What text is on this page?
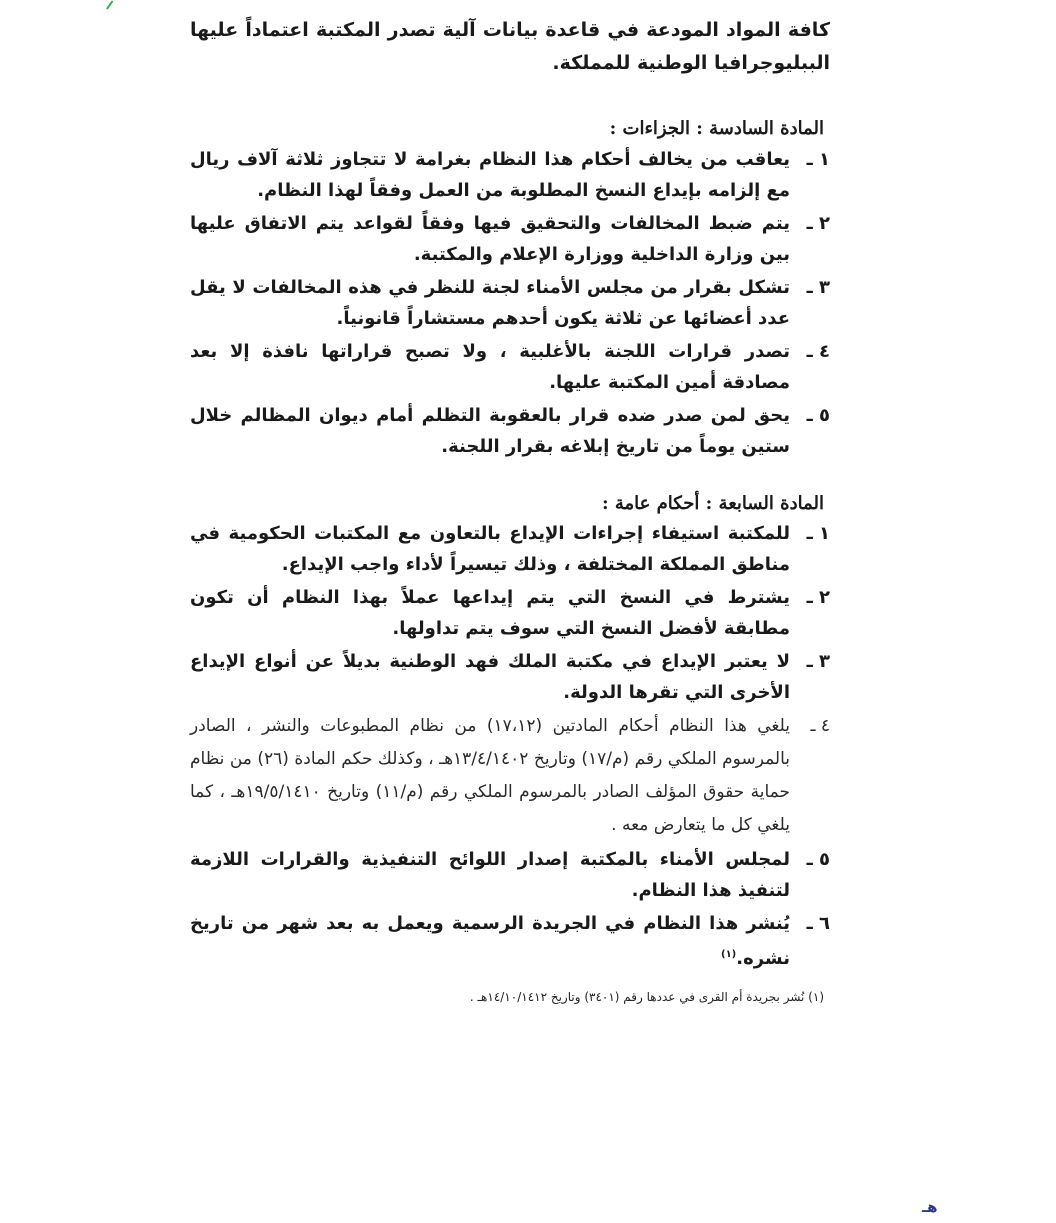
كافة المواد المودعة في قاعدة بيانات آلية تصدر المكتبة اعتماداً عليها الببليوجرافيا الوطنية للمملكة.
المادة السادسة : الجزاءات :
١ ـ
يعاقب من يخالف أحكام هذا النظام بغرامة لا تتجاوز ثلاثة آلاف ريال مع إلزامه بإيداع النسخ المطلوبة من العمل وفقاً لهذا النظام.
٢ ـ
يتم ضبط المخالفات والتحقيق فيها وفقاً لقواعد يتم الاتفاق عليها بين وزارة الداخلية ووزارة الإعلام والمكتبة.
٣ ـ
تشكل بقرار من مجلس الأمناء لجنة للنظر في هذه المخالفات لا يقل عدد أعضائها عن ثلاثة يكون أحدهم مستشاراً قانونياً.
٤ ـ
تصدر قرارات اللجنة بالأغلبية ، ولا تصبح قراراتها نافذة إلا بعد مصادقة أمين المكتبة عليها.
٥ ـ
يحق لمن صدر ضده قرار بالعقوبة التظلم أمام ديوان المظالم خلال ستين يوماً من تاريخ إبلاغه بقرار اللجنة.
المادة السابعة : أحكام عامة :
١ ـ
للمكتبة استيفاء إجراءات الإيداع بالتعاون مع المكتبات الحكومية في مناطق المملكة المختلفة ، وذلك تيسيراً لأداء واجب الإيداع.
٢ ـ
يشترط في النسخ التي يتم إيداعها عملاً بهذا النظام أن تكون مطابقة لأفضل النسخ التي سوف يتم تداولها.
٣ ـ
لا يعتبر الإيداع في مكتبة الملك فهد الوطنية بديلاً عن أنواع الإيداع الأخرى التي تقرها الدولة.
٤ ـ
يلغي هذا النظام أحكام المادتين (١٧،١٢) من نظام المطبوعات والنشر ، الصادر بالمرسوم الملكي رقم (م/١٧) وتاريخ ١٣/٤/١٤٠٢هـ ، وكذلك حكم المادة (٢٦) من نظام حماية حقوق المؤلف الصادر بالمرسوم الملكي رقم (م/١١) وتاريخ ١٩/٥/١٤١٠هـ ، كما يلغي كل ما يتعارض معه .
٥ ـ
لمجلس الأمناء بالمكتبة إصدار اللوائح التنفيذية والقرارات اللازمة لتنفيذ هذا النظام.
٦ ـ
يُنشر هذا النظام في الجريدة الرسمية ويعمل به بعد شهر من تاريخ نشره.$^{(١)}$
(١) نُشر بجريدة أم القرى في عددها رقم (٣٤٠١) وتاريخ ١٤/١٠/١٤١٢هـ .
هـ
